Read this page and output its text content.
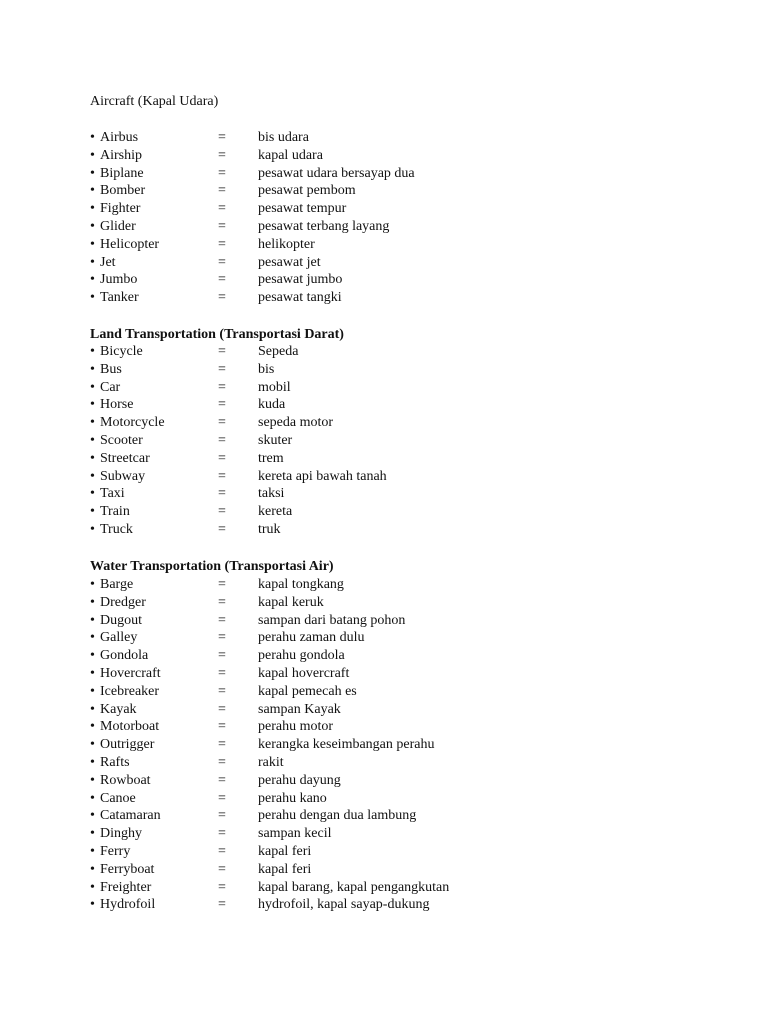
Aircraft (Kapal Udara)
• Airbus	= bis udara
• Airship	= kapal udara
• Biplane	= pesawat udara bersayap dua
• Bomber	= pesawat pembom
• Fighter	= pesawat tempur
• Glider	= pesawat terbang layang
• Helicopter	= helikopter
• Jet	= pesawat jet
• Jumbo	= pesawat jumbo
• Tanker	= pesawat tangki
Land Transportation (Transportasi Darat)
• Bicycle	= Sepeda
• Bus	= bis
• Car	= mobil
• Horse	= kuda
• Motorcycle	= sepeda motor
• Scooter	= skuter
• Streetcar	= trem
• Subway	= kereta api bawah tanah
• Taxi	= taksi
• Train	= kereta
• Truck	= truk
Water Transportation (Transportasi Air)
• Barge	= kapal tongkang
• Dredger	= kapal keruk
• Dugout	= sampan dari batang pohon
• Galley	= perahu zaman dulu
• Gondola	= perahu gondola
• Hovercraft	= kapal hovercraft
• Icebreaker	= kapal pemecah es
• Kayak	= sampan Kayak
• Motorboat	= perahu motor
• Outrigger	= kerangka keseimbangan perahu
• Rafts	= rakit
• Rowboat	= perahu dayung
• Canoe	= perahu kano
• Catamaran	= perahu dengan dua lambung
• Dinghy	= sampan kecil
• Ferry	= kapal feri
• Ferryboat	= kapal feri
• Freighter	= kapal barang, kapal pengangkutan
• Hydrofoil	= hydrofoil, kapal sayap-dukung
